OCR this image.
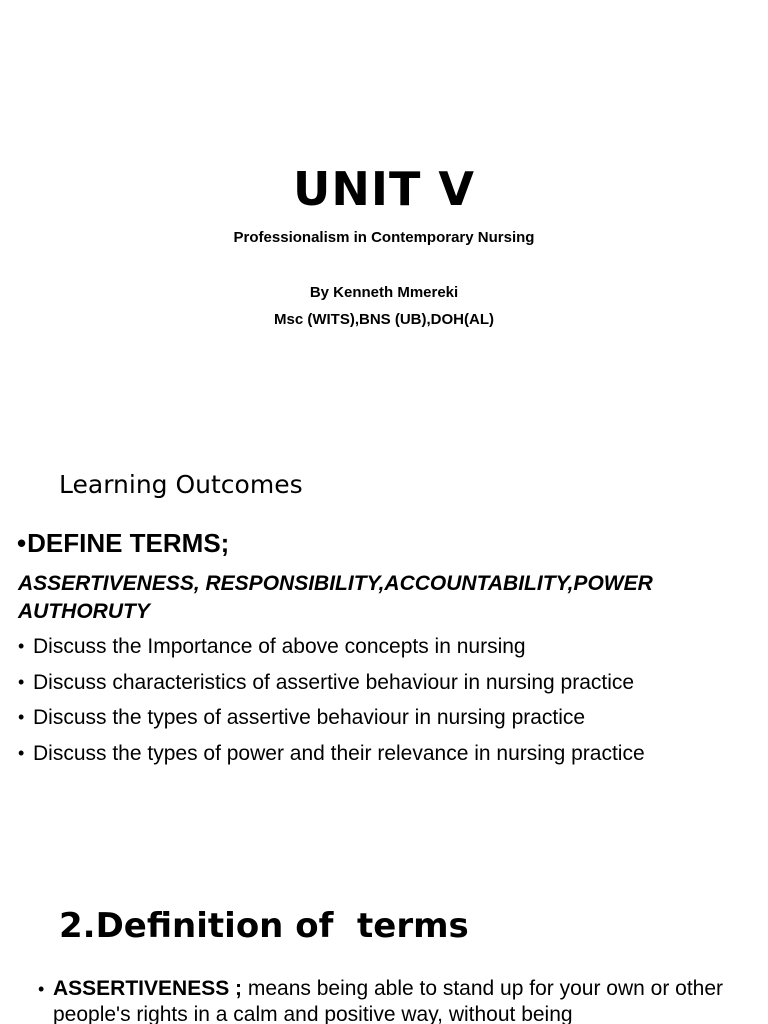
UNIT V
Professionalism in Contemporary Nursing
By Kenneth Mmereki
Msc (WITS),BNS (UB),DOH(AL)
Learning Outcomes
•DEFINE TERMS;
ASSERTIVENESS, RESPONSIBILITY,ACCOUNTABILITY,POWER AUTHORUTY
• Discuss the Importance of above concepts in nursing
• Discuss characteristics of assertive behaviour in nursing practice
• Discuss the types of assertive behaviour in nursing practice
• Discuss the types of power and their relevance in nursing practice
2.Definition of  terms
• ASSERTIVENESS ; means being able to stand up for your own or other people's rights in a calm and positive way, without being
